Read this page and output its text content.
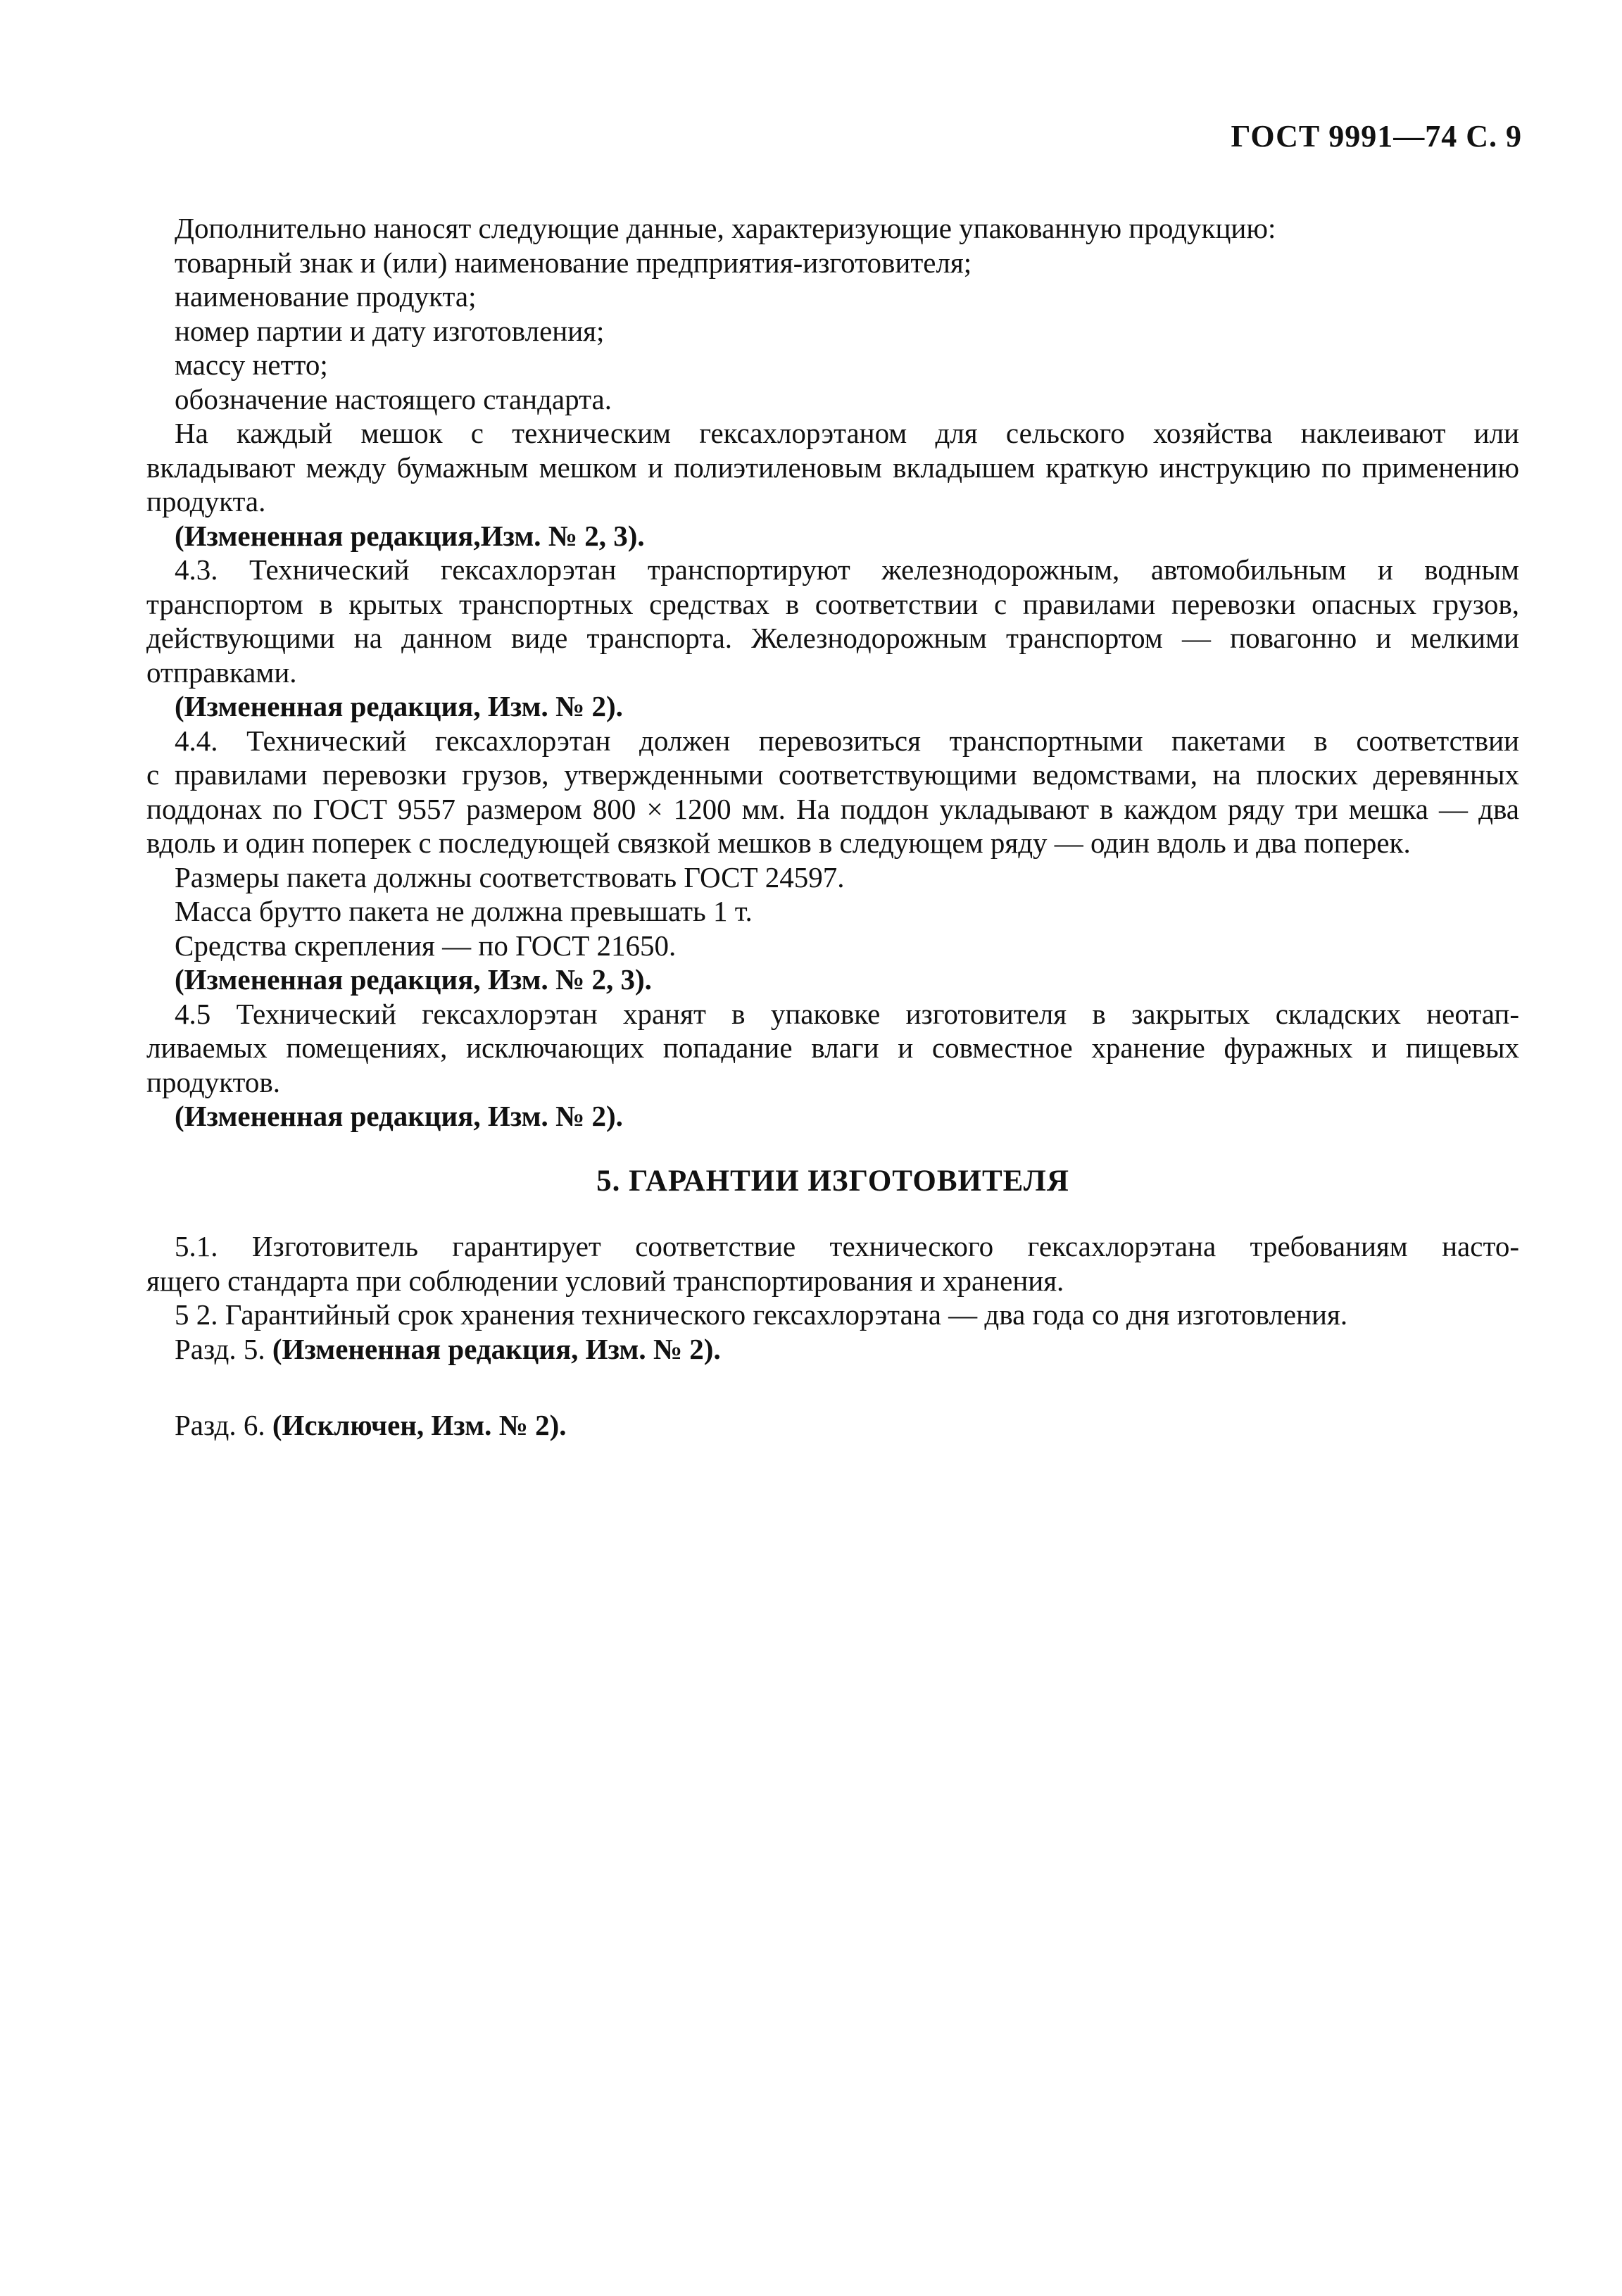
ГОСТ 9991—74 С. 9

Дополнительно наносят следующие данные, характеризующие упакованную продукцию:

товарный знак и (или) наименование предприятия-изготовителя;

наименование продукта;

номер партии и дату изготовления;

массу нетто;

обозначение настоящего стандарта.

На каждый мешок с техническим гексахлорэтаном для сельского хозяйства наклеивают или

вкладывают между бумажным мешком и полиэтиленовым вкладышем краткую инструкцию по применению продукта.

(Измененная редакция,Изм. № 2, 3).

4.3. Технический гексахлорэтан транспортируют железнодорожным, автомобильным и водным

транспортом в крытых транспортных средствах в соответствии с правилами перевозки опасных грузов, действующими на данном виде транспорта. Железнодорожным транспортом — повагонно и мелкими отправками.

(Измененная редакция, Изм. № 2).

4.4. Технический гексахлорэтан должен перевозиться транспортными пакетами в соответствии

с правилами перевозки грузов, утвержденными соответствующими ведомствами, на плоских деревянных поддонах по ГОСТ 9557 размером 800 × 1200 мм. На поддон укладывают в каждом ряду три мешка — два вдоль и один поперек с последующей связкой мешков в следующем ряду — один вдоль и два поперек.

Размеры пакета должны соответствовать ГОСТ 24597.

Масса брутто пакета не должна превышать 1 т.

Средства скрепления — по ГОСТ 21650.

(Измененная редакция, Изм. № 2, 3).

4.5 Технический гексахлорэтан хранят в упаковке изготовителя в закрытых складских неотап-

ливаемых помещениях, исключающих попадание влаги и совместное хранение фуражных и пищевых продуктов.

(Измененная редакция, Изм. № 2).

5. ГАРАНТИИ ИЗГОТОВИТЕЛЯ

5.1. Изготовитель гарантирует соответствие технического гексахлорэтана требованиям насто-

ящего стандарта при соблюдении условий транспортирования и хранения.

5 2. Гарантийный срок хранения технического гексахлорэтана — два года со дня изготовления.

Разд. 5. (Измененная редакция, Изм. № 2).

Разд. 6. (Исключен, Изм. № 2).
